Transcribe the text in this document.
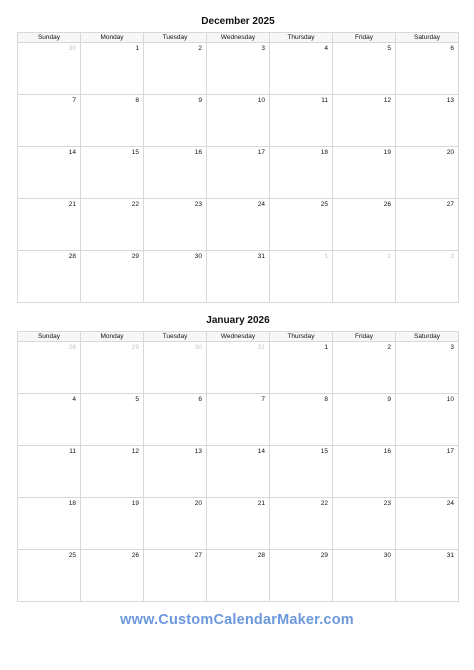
December 2025
Sunday	Monday	Tuesday	Wednesday	Thursday	Friday	Saturday

30	1	2	3	4	5	6

7	8	9	10	11	12	13

14	15	16	17	18	19	20

21	22	23	24	25	26	27

28	29	30	31	1	2	3
January 2026
Sunday	Monday	Tuesday	Wednesday	Thursday	Friday	Saturday

28	29	30	31	1	2	3

4	5	6	7	8	9	10

11	12	13	14	15	16	17

18	19	20	21	22	23	24

25	26	27	28	29	30	31
www.CustomCalendarMaker.com
